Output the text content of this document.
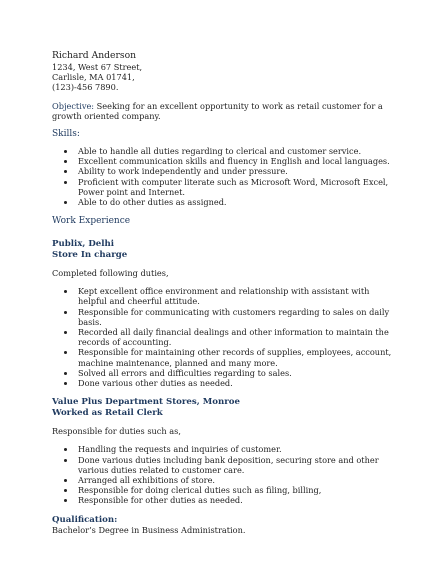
Richard Anderson

1234, West 67 Street,

Carlisle, MA 01741,

(123)-456 7890.

Objective: Seeking for an excellent opportunity to work as retail customer for a growth oriented company.

Skills:

• Able to handle all duties regarding to clerical and customer service.
• Excellent communication skills and fluency in English and local languages.
• Ability to work independently and under pressure.
• Proficient with computer literate such as Microsoft Word, Microsoft Excel, Power point and Internet.
• Able to do other duties as assigned.

Work Experience

Publix, Delhi

Store In charge

Completed following duties,

• Kept excellent office environment and relationship with assistant with helpful and cheerful attitude.
• Responsible for communicating with customers regarding to sales on daily basis.
• Recorded all daily financial dealings and other information to maintain the records of accounting.
• Responsible for maintaining other records of supplies, employees, account, machine maintenance, planned and many more.
• Solved all errors and difficulties regarding to sales.
• Done various other duties as needed.

Value Plus Department Stores, Monroe

Worked as Retail Clerk

Responsible for duties such as,

• Handling the requests and inquiries of customer.
• Done various duties including bank deposition, securing store and other various duties related to customer care.
• Arranged all exhibitions of store.
• Responsible for doing clerical duties such as filing, billing,
• Responsible for other duties as needed.

Qualification:

Bachelor’s Degree in Business Administration.
